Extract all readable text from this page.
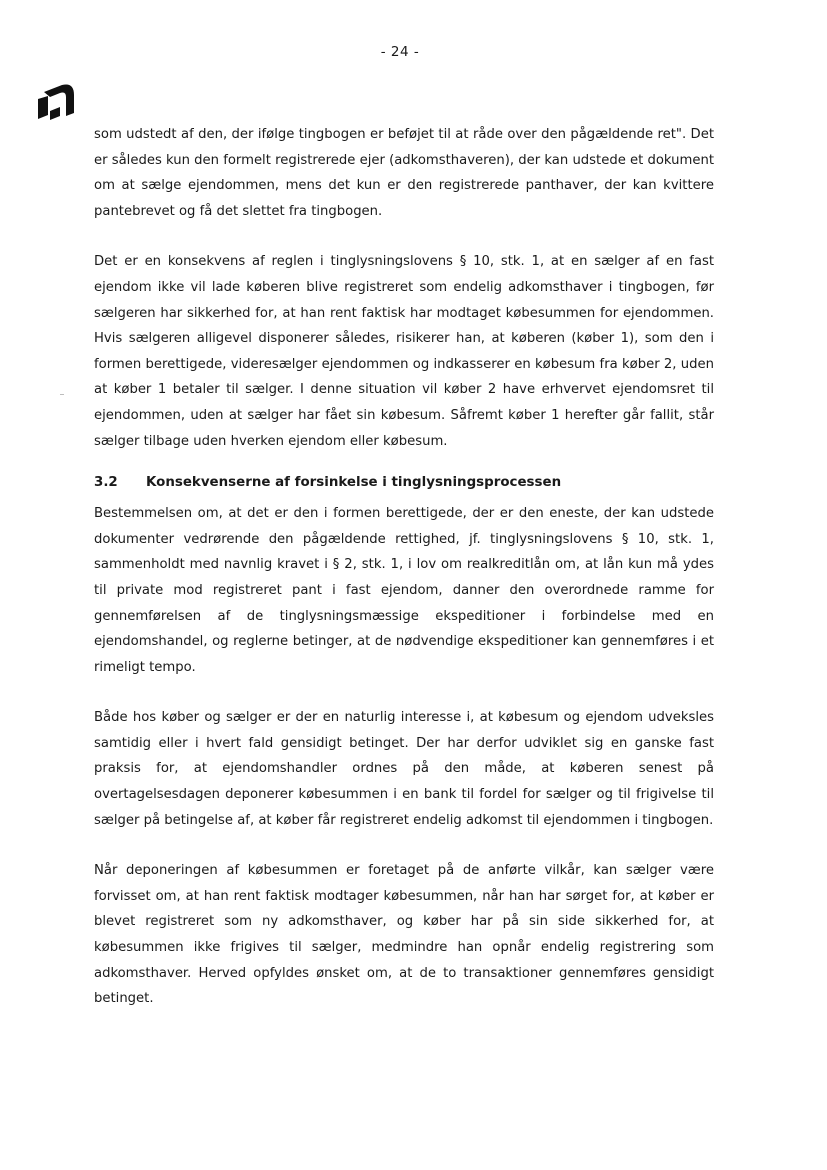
- 24 -

som udstedt af den, der ifølge tingbogen er beføjet til at råde over den pågældende ret". Det er således kun den formelt registrerede ejer (adkomsthaveren), der kan udstede et dokument om at sælge ejendommen, mens det kun er den registrerede panthaver, der kan kvittere pantebrevet og få det slettet fra tingbogen.

Det er en konsekvens af reglen i tinglysningslovens § 10, stk. 1, at en sælger af en fast ejendom ikke vil lade køberen blive registreret som endelig adkomsthaver i tingbogen, før sælgeren har sikkerhed for, at han rent faktisk har modtaget købesummen for ejendommen. Hvis sælgeren alligevel disponerer således, risikerer han, at køberen (køber 1), som den i formen berettigede, videresælger ejendommen og indkasserer en købesum fra køber 2, uden at køber 1 betaler til sælger. I denne situation vil køber 2 have erhvervet ejendomsret til ejendommen, uden at sælger har fået sin købesum. Såfremt køber 1 herefter går fallit, står sælger tilbage uden hverken ejendom eller købesum.

3.2	Konsekvenserne af forsinkelse i tinglysningsprocessen

Bestemmelsen om, at det er den i formen berettigede, der er den eneste, der kan udstede dokumenter vedrørende den pågældende rettighed, jf. tinglysningslovens § 10, stk. 1, sammenholdt med navnlig kravet i § 2, stk. 1, i lov om realkreditlån om, at lån kun må ydes til private mod registreret pant i fast ejendom, danner den overordnede ramme for gennemførelsen af de tinglysningsmæssige ekspeditioner i forbindelse med en ejendomshandel, og reglerne betinger, at de nødvendige ekspeditioner kan gennemføres i et rimeligt tempo.

Både hos køber og sælger er der en naturlig interesse i, at købesum og ejendom udveksles samtidig eller i hvert fald gensidigt betinget. Der har derfor udviklet sig en ganske fast praksis for, at ejendomshandler ordnes på den måde, at køberen senest på overtagelsesdagen deponerer købesummen i en bank til fordel for sælger og til frigivelse til sælger på betingelse af, at køber får registreret endelig adkomst til ejendommen i tingbogen.

Når deponeringen af købesummen er foretaget på de anførte vilkår, kan sælger være forvisset om, at han rent faktisk modtager købesummen, når han har sørget for, at køber er blevet registreret som ny adkomsthaver, og køber har på sin side sikkerhed for, at købesummen ikke frigives til sælger, medmindre han opnår endelig registrering som adkomsthaver. Herved opfyldes ønsket om, at de to transaktioner gennemføres gensidigt betinget.
